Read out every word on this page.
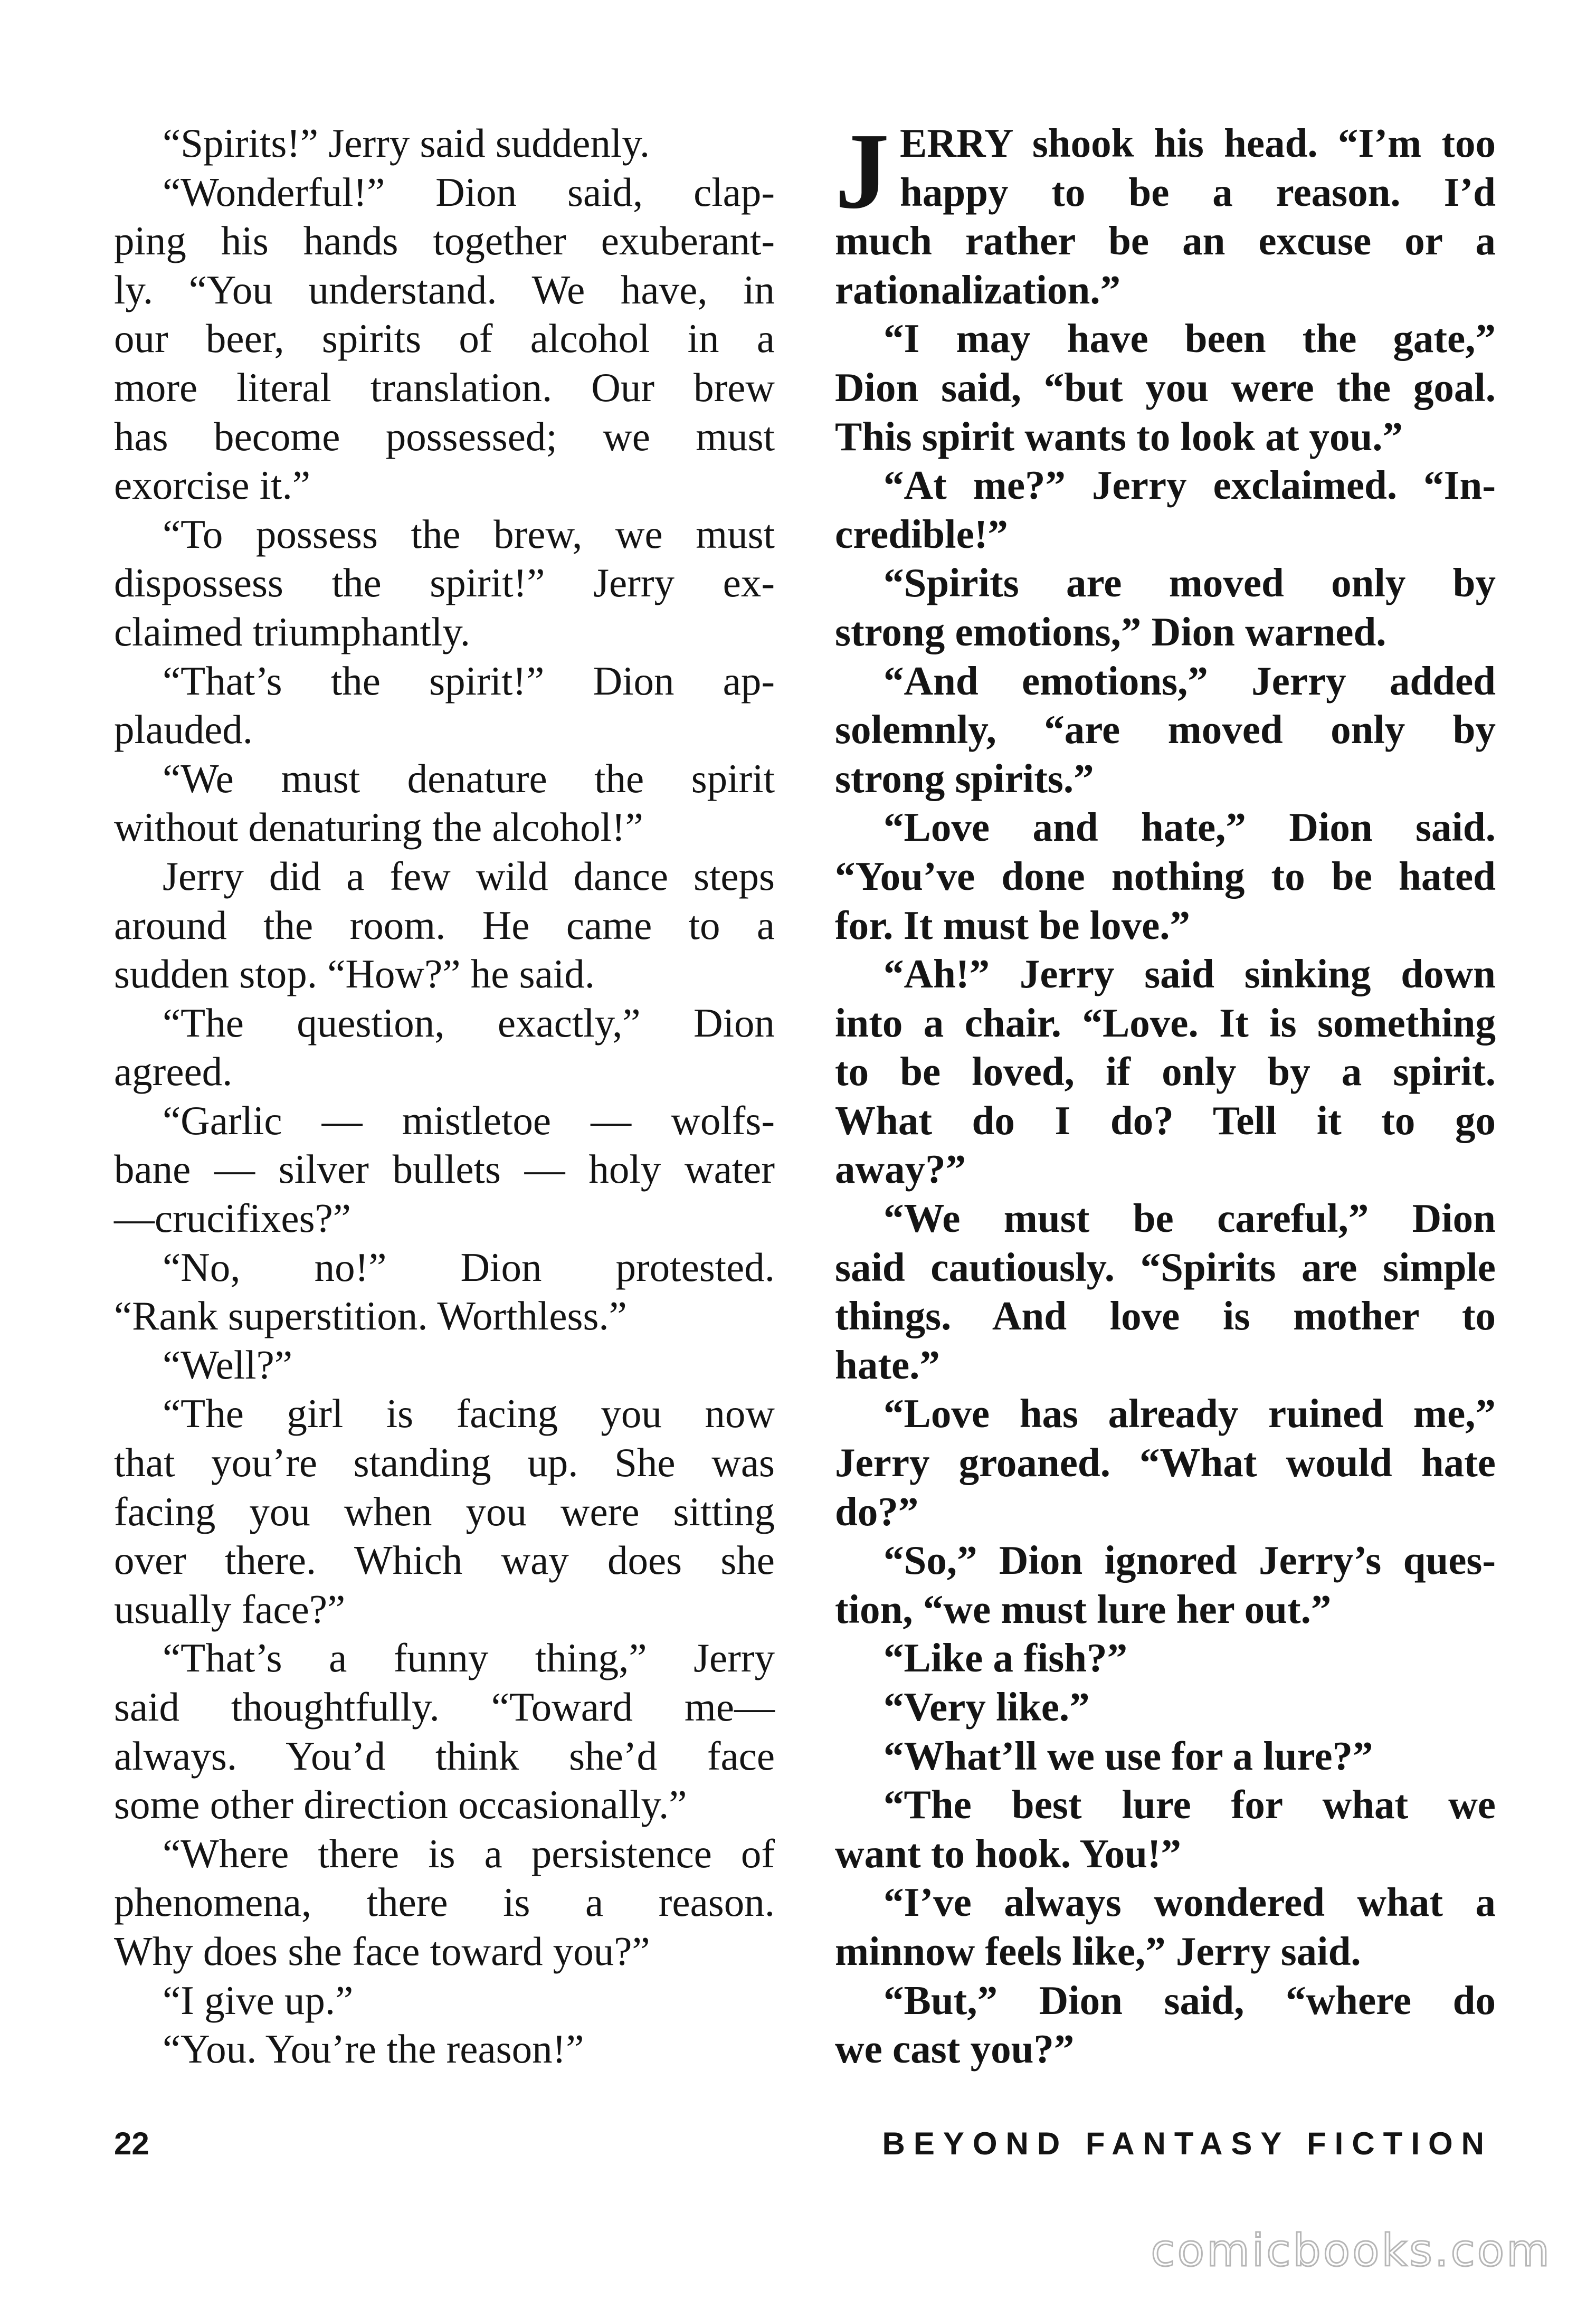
“Spirits!” Jerry said suddenly.
“Wonderful!” Dion said, clap-
ping his hands together exuberant-
ly. “You understand. We have, in
our beer, spirits of alcohol in a
more literal translation. Our brew
has become possessed; we must
exorcise it.”
“To possess the brew, we must
dispossess the spirit!” Jerry ex-
claimed triumphantly.
“That’s the spirit!” Dion ap-
plauded.
“We must denature the spirit
without denaturing the alcohol!”
Jerry did a few wild dance steps
around the room. He came to a
sudden stop. “How?” he said.
“The question, exactly,” Dion
agreed.
“Garlic — mistletoe — wolfs-
bane — silver bullets — holy water
—crucifixes?”
“No, no!” Dion protested.
“Rank superstition. Worthless.”
“Well?”
“The girl is facing you now
that you’re standing up. She was
facing you when you were sitting
over there. Which way does she
usually face?”
“That’s a funny thing,” Jerry
said thoughtfully. “Toward me—
always. You’d think she’d face
some other direction occasionally.”
“Where there is a persistence of
phenomena, there is a reason.
Why does she face toward you?”
“I give up.”
“You. You’re the reason!”
J ERRY shook his head. “I’m too
happy to be a reason. I’d
much rather be an excuse or a
rationalization.”
“I may have been the gate,”
Dion said, “but you were the goal.
This spirit wants to look at you.”
“At me?” Jerry exclaimed. “In-
credible!”
“Spirits are moved only by
strong emotions,” Dion warned.
“And emotions,” Jerry added
solemnly, “are moved only by
strong spirits.”
“Love and hate,” Dion said.
“You’ve done nothing to be hated
for. It must be love.”
“Ah!” Jerry said sinking down
into a chair. “Love. It is something
to be loved, if only by a spirit.
What do I do? Tell it to go
away?”
“We must be careful,” Dion
said cautiously. “Spirits are simple
things. And love is mother to
hate.”
“Love has already ruined me,”
Jerry groaned. “What would hate
do?”
“So,” Dion ignored Jerry’s ques-
tion, “we must lure her out.”
“Like a fish?”
“Very like.”
“What’ll we use for a lure?”
“The best lure for what we
want to hook. You!”
“I’ve always wondered what a
minnow feels like,” Jerry said.
“But,” Dion said, “where do
we cast you?”
22	BEYOND FANTASY FICTION
comicbooks.com
